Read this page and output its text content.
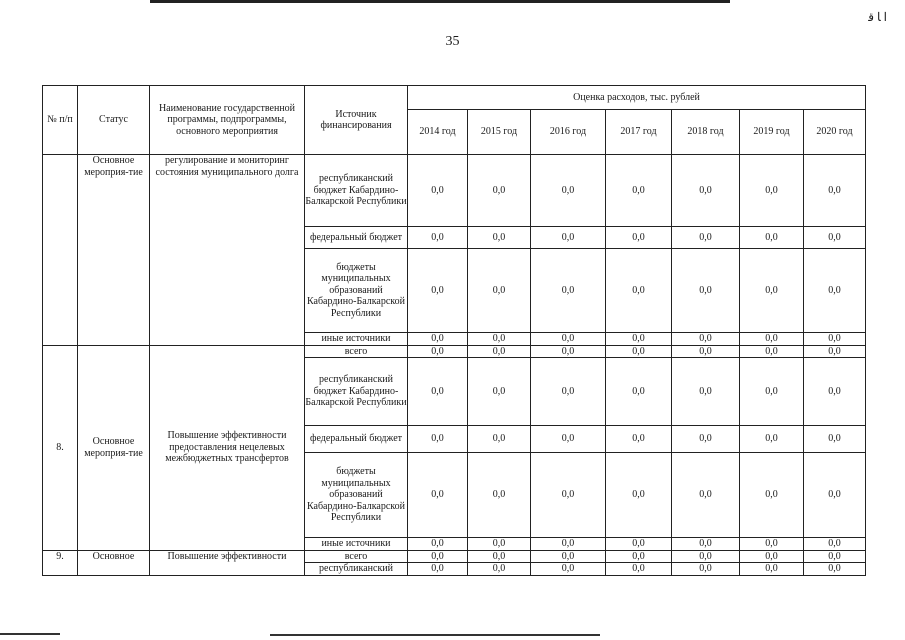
ﺍ ﺎ ﻗ
35
№ п/п	Статус	Наименование государственной программы, подпрограммы, основного мероприятия	Источник финансирования	Оценка расходов, тыс. рублей						
				2014 год	2015 год	2016 год	2017 год	2018 год	2019 год	2020 год
	Основное мероприя-тие	регулирование и мониторинг состояния муниципального долга	республиканский бюджет Кабардино-Балкарской Республики	0,0	0,0	0,0	0,0	0,0	0,0	0,0
			федеральный бюджет	0,0	0,0	0,0	0,0	0,0	0,0	0,0
			бюджеты муниципальных образований Кабардино-Балкарской Республики	0,0	0,0	0,0	0,0	0,0	0,0	0,0
			иные источники	0,0	0,0	0,0	0,0	0,0	0,0	0,0
8.	Основное мероприя-тие	Повышение эффективности предоставления нецелевых межбюджетных трансфертов	всего	0,0	0,0	0,0	0,0	0,0	0,0	0,0
			республиканский бюджет Кабардино-Балкарской Республики	0,0	0,0	0,0	0,0	0,0	0,0	0,0
			федеральный бюджет	0,0	0,0	0,0	0,0	0,0	0,0	0,0
			бюджеты муниципальных образований Кабардино-Балкарской Республики	0,0	0,0	0,0	0,0	0,0	0,0	0,0
			иные источники	0,0	0,0	0,0	0,0	0,0	0,0	0,0
9.	Основное	Повышение эффективности	всего	0,0	0,0	0,0	0,0	0,0	0,0	0,0
			республиканский	0,0	0,0	0,0	0,0	0,0	0,0	0,0
